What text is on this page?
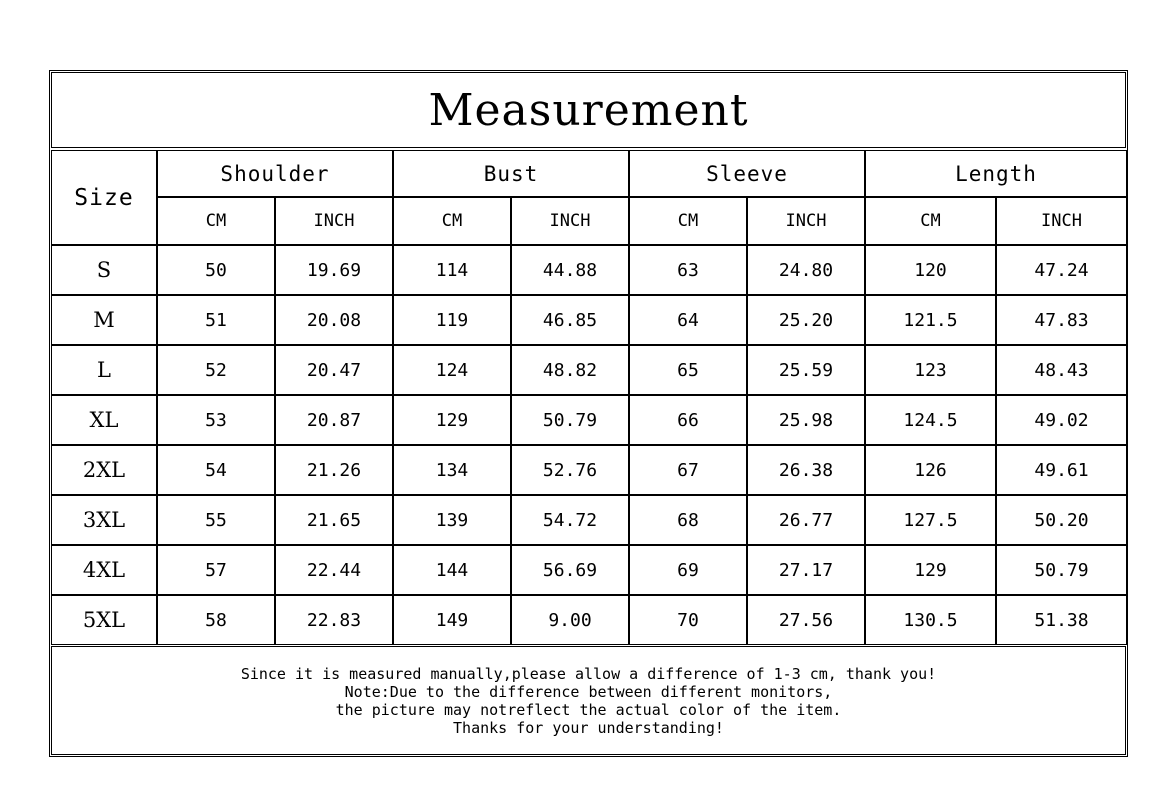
Measurement
Since it is measured manually,please allow a difference of 1-3 cm, thank you!
Note:Due to the difference between different monitors,
the picture may notreflect the actual color of the item.
Thanks for your understanding!
Size
Shoulder
CM	INCH
Bust
CM	INCH
Sleeve
CM	INCH
Length
CM	INCH
S	50	19.69	114	44.88	63	24.80	120	47.24
M	51	20.08	119	46.85	64	25.20	121.5	47.83
L	52	20.47	124	48.82	65	25.59	123	48.43
XL	53	20.87	129	50.79	66	25.98	124.5	49.02
2XL	54	21.26	134	52.76	67	26.38	126	49.61
3XL	55	21.65	139	54.72	68	26.77	127.5	50.20
4XL	57	22.44	144	56.69	69	27.17	129	50.79
5XL	58	22.83	149	9.00	70	27.56	130.5	51.38
